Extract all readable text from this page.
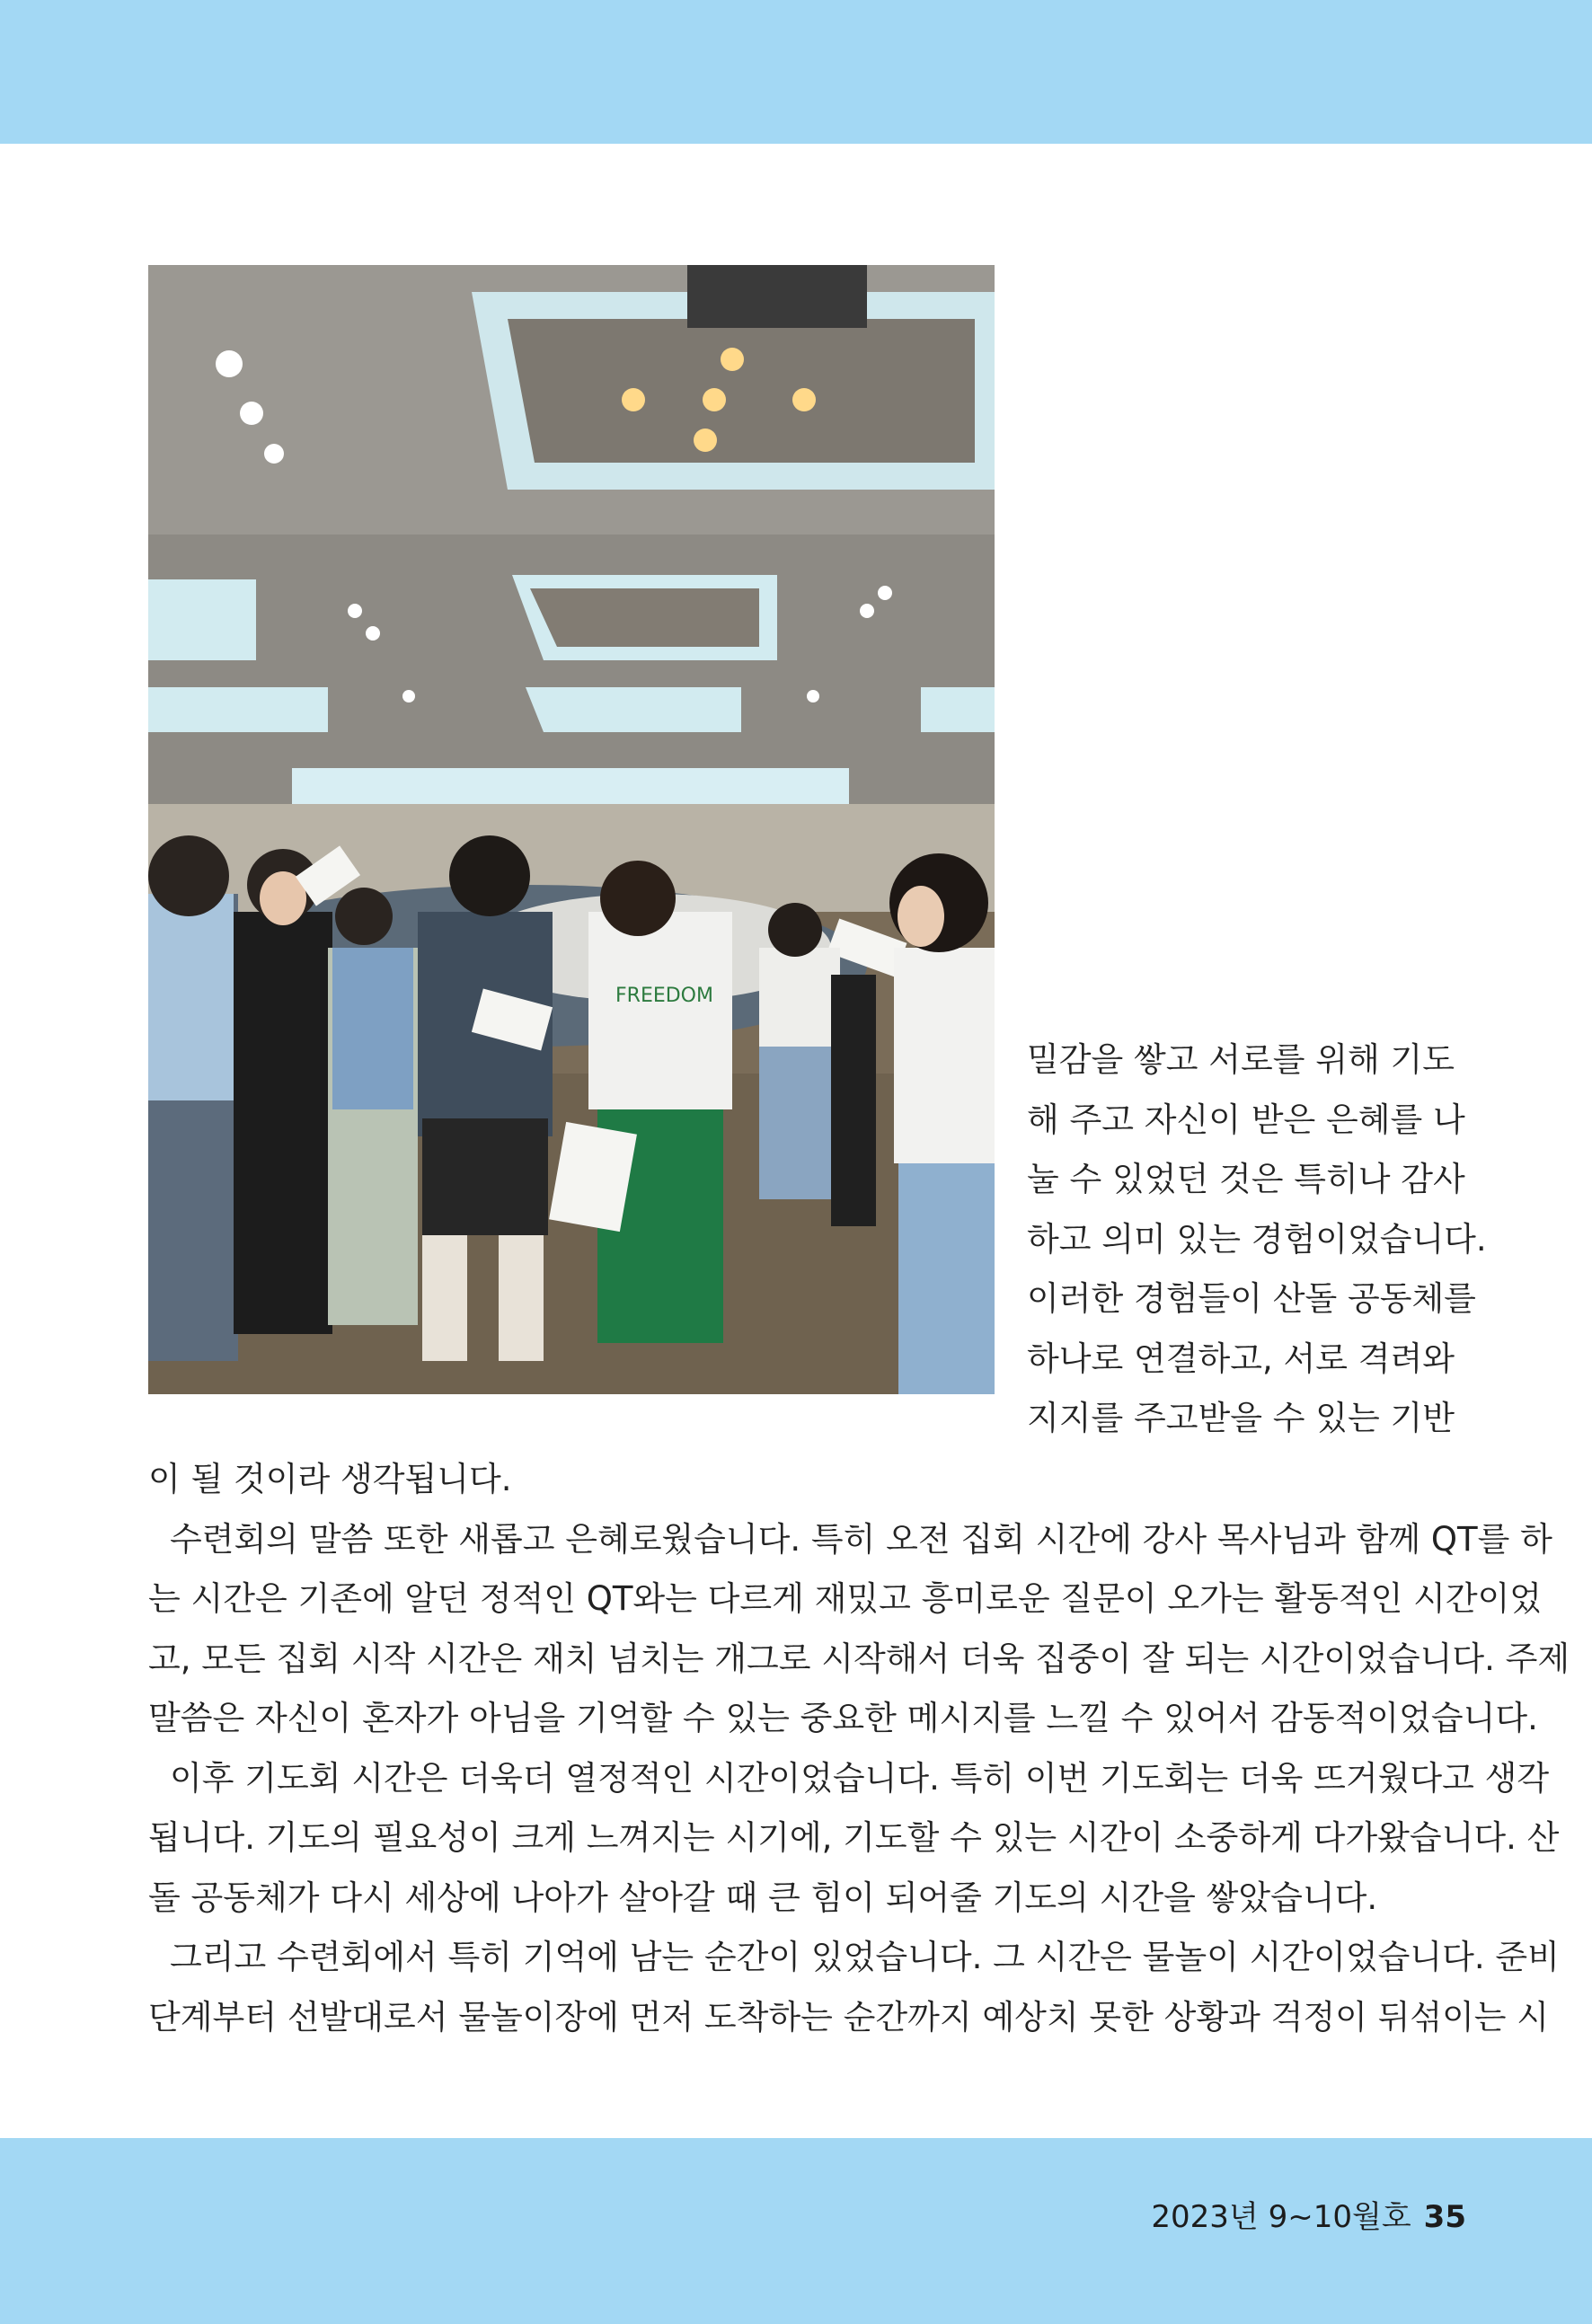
FREEDOM
밀감을 쌓고 서로를 위해 기도
해 주고 자신이 받은 은혜를 나
눌 수 있었던 것은 특히나 감사
하고 의미 있는 경험이었습니다.
이러한 경험들이 산돌 공동체를
하나로 연결하고, 서로 격려와
지지를 주고받을 수 있는 기반
이 될 것이라 생각됩니다.
수련회의 말씀 또한 새롭고 은혜로웠습니다. 특히 오전 집회 시간에 강사 목사님과 함께 QT를 하
는 시간은 기존에 알던 정적인 QT와는 다르게 재밌고 흥미로운 질문이 오가는 활동적인 시간이었
고, 모든 집회 시작 시간은 재치 넘치는 개그로 시작해서 더욱 집중이 잘 되는 시간이었습니다. 주제
말씀은 자신이 혼자가 아님을 기억할 수 있는 중요한 메시지를 느낄 수 있어서 감동적이었습니다.
이후 기도회 시간은 더욱더 열정적인 시간이었습니다. 특히 이번 기도회는 더욱 뜨거웠다고 생각
됩니다. 기도의 필요성이 크게 느껴지는 시기에, 기도할 수 있는 시간이 소중하게 다가왔습니다. 산
돌 공동체가 다시 세상에 나아가 살아갈 때 큰 힘이 되어줄 기도의 시간을 쌓았습니다.
그리고 수련회에서 특히 기억에 남는 순간이 있었습니다. 그 시간은 물놀이 시간이었습니다. 준비
단계부터 선발대로서 물놀이장에 먼저 도착하는 순간까지 예상치 못한 상황과 걱정이 뒤섞이는 시
2023년 9~10월호 35
